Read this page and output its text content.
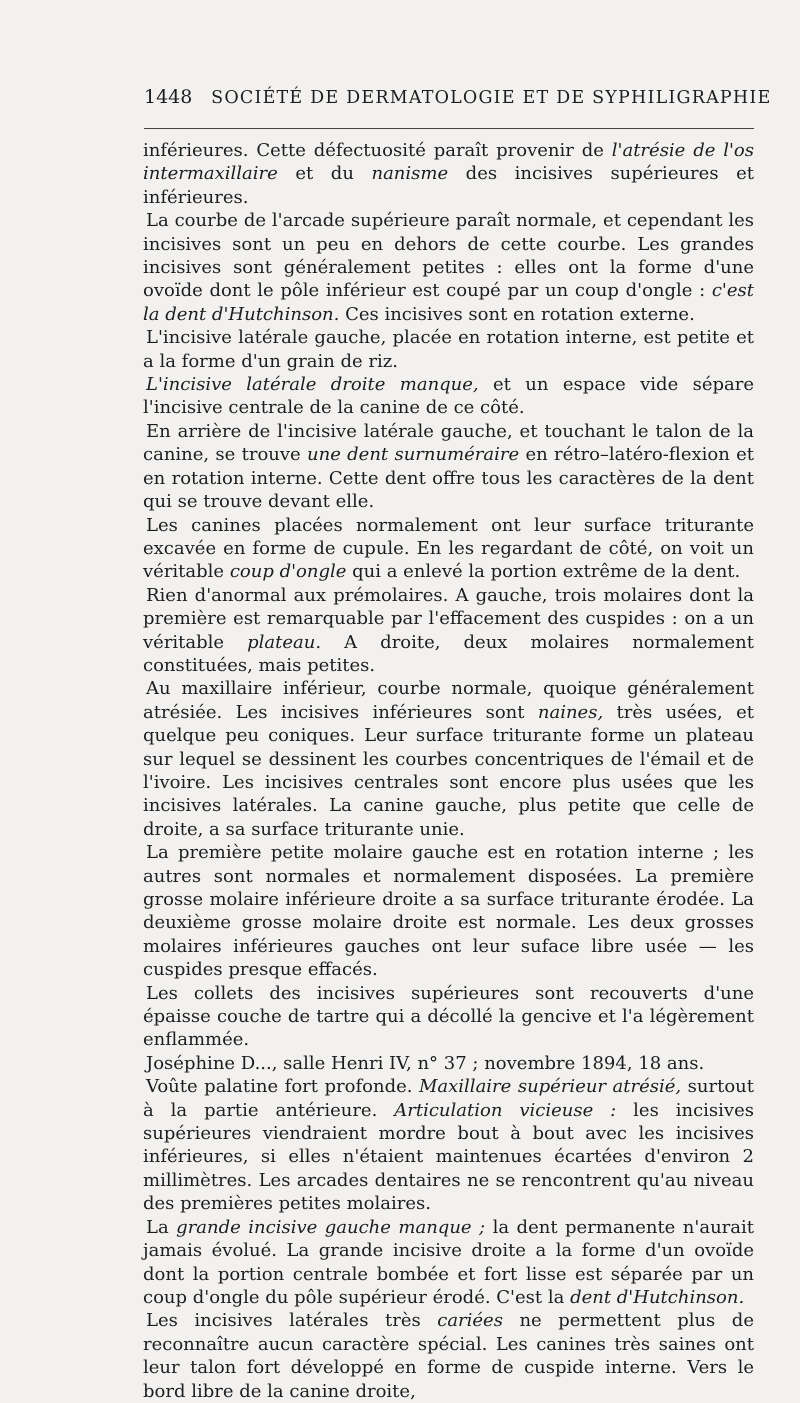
1448 SOCIÉTÉ DE DERMATOLOGIE ET DE SYPHILIGRAPHIE

inférieures. Cette défectuosité paraît provenir de l'atrésie de l'os intermaxillaire et du nanisme des incisives supérieures et inférieures.

La courbe de l'arcade supérieure paraît normale, et cependant les incisives sont un peu en dehors de cette courbe. Les grandes incisives sont généralement petites : elles ont la forme d'une ovoïde dont le pôle inférieur est coupé par un coup d'ongle : c'est la dent d'Hutchinson. Ces incisives sont en rotation externe.

L'incisive latérale gauche, placée en rotation interne, est petite et a la forme d'un grain de riz.

L'incisive latérale droite manque, et un espace vide sépare l'incisive centrale de la canine de ce côté.

En arrière de l'incisive latérale gauche, et touchant le talon de la canine, se trouve une dent surnuméraire en rétro–latéro-flexion et en rotation interne. Cette dent offre tous les caractères de la dent qui se trouve devant elle.

Les canines placées normalement ont leur surface triturante excavée en forme de cupule. En les regardant de côté, on voit un véritable coup d'ongle qui a enlevé la portion extrême de la dent.

Rien d'anormal aux prémolaires. A gauche, trois molaires dont la première est remarquable par l'effacement des cuspides : on a un véritable plateau. A droite, deux molaires normalement constituées, mais petites.

Au maxillaire inférieur, courbe normale, quoique généralement atrésiée. Les incisives inférieures sont naines, très usées, et quelque peu coniques. Leur surface triturante forme un plateau sur lequel se dessinent les courbes concentriques de l'émail et de l'ivoire. Les incisives centrales sont encore plus usées que les incisives latérales. La canine gauche, plus petite que celle de droite, a sa surface triturante unie.

La première petite molaire gauche est en rotation interne ; les autres sont normales et normalement disposées. La première grosse molaire inférieure droite a sa surface triturante érodée. La deuxième grosse molaire droite est normale. Les deux grosses molaires inférieures gauches ont leur suface libre usée — les cuspides presque effacés.

Les collets des incisives supérieures sont recouverts d'une épaisse couche de tartre qui a décollé la gencive et l'a légèrement enflammée.

Joséphine D..., salle Henri IV, n° 37 ; novembre 1894, 18 ans.

Voûte palatine fort profonde. Maxillaire supérieur atrésié, surtout à la partie antérieure. Articulation vicieuse : les incisives supérieures viendraient mordre bout à bout avec les incisives inférieures, si elles n'étaient maintenues écartées d'environ 2 millimètres. Les arcades dentaires ne se rencontrent qu'au niveau des premières petites molaires.

La grande incisive gauche manque ; la dent permanente n'aurait jamais évolué. La grande incisive droite a la forme d'un ovoïde dont la portion centrale bombée et fort lisse est séparée par un coup d'ongle du pôle supérieur érodé. C'est la dent d'Hutchinson.

Les incisives latérales très cariées ne permettent plus de reconnaître aucun caractère spécial. Les canines très saines ont leur talon fort développé en forme de cuspide interne. Vers le bord libre de la canine droite,
